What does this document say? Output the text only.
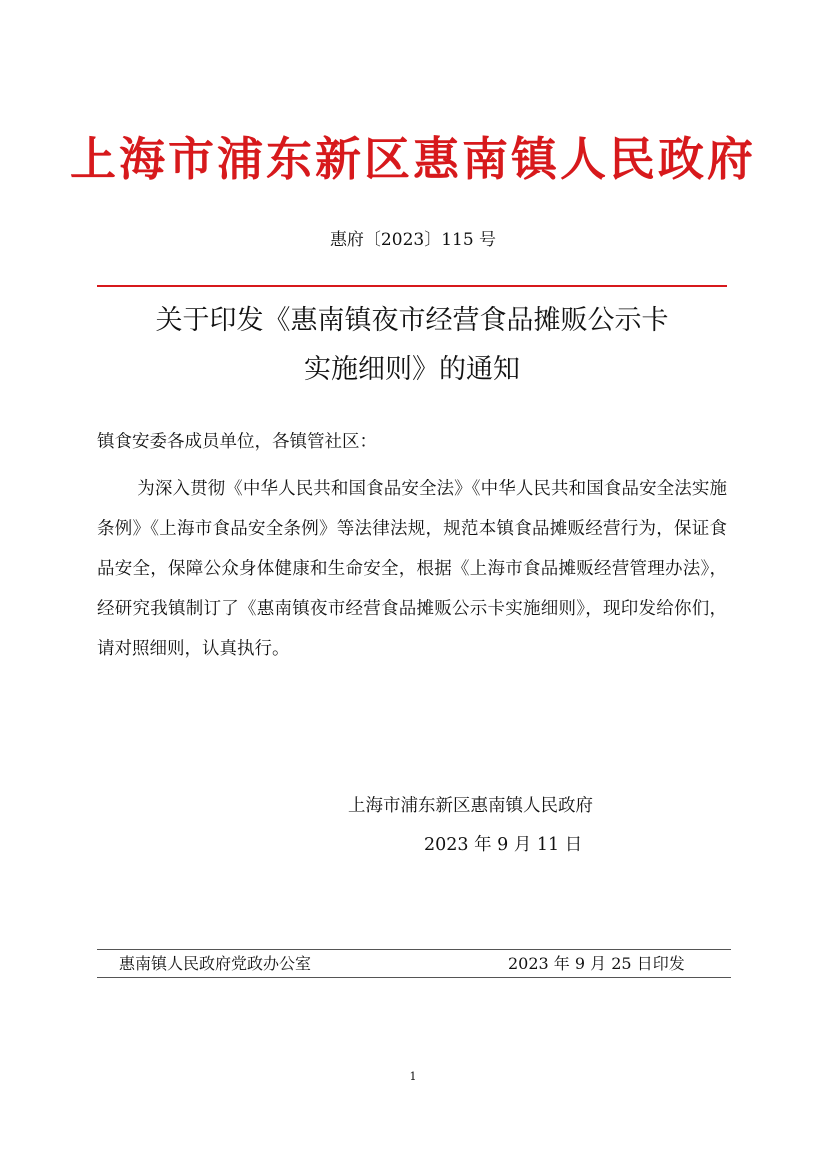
上海市浦东新区惠南镇人民政府
惠府〔2023〕115 号
关于印发《惠南镇夜市经营食品摊贩公示卡
实施细则》的通知
镇食安委各成员单位，各镇管社区：
为深入贯彻《中华人民共和国食品安全法》《中华人民共和国食品安全法实施条例》《上海市食品安全条例》等法律法规，规范本镇食品摊贩经营行为，保证食品安全，保障公众身体健康和生命安全，根据《上海市食品摊贩经营管理办法》，经研究我镇制订了《惠南镇夜市经营食品摊贩公示卡实施细则》，现印发给你们，请对照细则，认真执行。
上海市浦东新区惠南镇人民政府
2023 年 9 月 11 日
惠南镇人民政府党政办公室	2023 年 9 月 25 日印发
1
